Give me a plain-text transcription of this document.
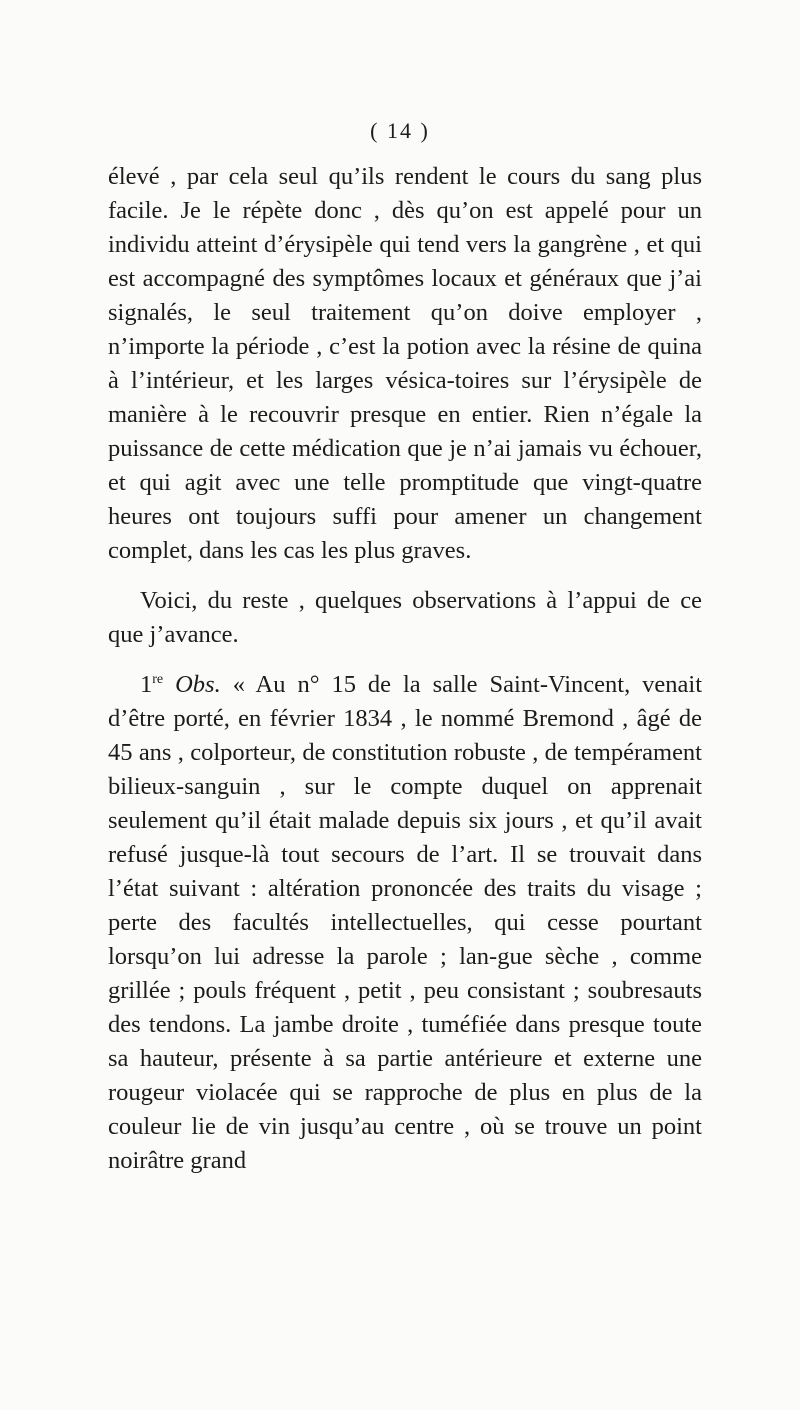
( 14 )

élevé , par cela seul qu’ils rendent le cours du sang plus facile. Je le répète donc , dès qu’on est appelé pour un individu atteint d’érysipèle qui tend vers la gangrène , et qui est accompagné des symptômes locaux et généraux que j’ai signalés, le seul traitement qu’on doive employer , n’importe la période , c’est la potion avec la résine de quina à l’intérieur, et les larges vésica-toires sur l’érysipèle de manière à le recouvrir presque en entier. Rien n’égale la puissance de cette médication que je n’ai jamais vu échouer, et qui agit avec une telle promptitude que vingt-quatre heures ont toujours suffi pour amener un changement complet, dans les cas les plus graves.

Voici, du reste , quelques observations à l’appui de ce que j’avance.

1re Obs. « Au n° 15 de la salle Saint-Vincent, venait d’être porté, en février 1834 , le nommé Bremond , âgé de 45 ans , colporteur, de constitution robuste , de tempérament bilieux-sanguin , sur le compte duquel on apprenait seulement qu’il était malade depuis six jours , et qu’il avait refusé jusque-là tout secours de l’art. Il se trouvait dans l’état suivant : altération prononcée des traits du visage ; perte des facultés intellectuelles, qui cesse pourtant lorsqu’on lui adresse la parole ; lan-gue sèche , comme grillée ; pouls fréquent , petit , peu consistant ; soubresauts des tendons. La jambe droite , tuméfiée dans presque toute sa hauteur, présente à sa partie antérieure et externe une rougeur violacée qui se rapproche de plus en plus de la couleur lie de vin jusqu’au centre , où se trouve un point noirâtre grand
